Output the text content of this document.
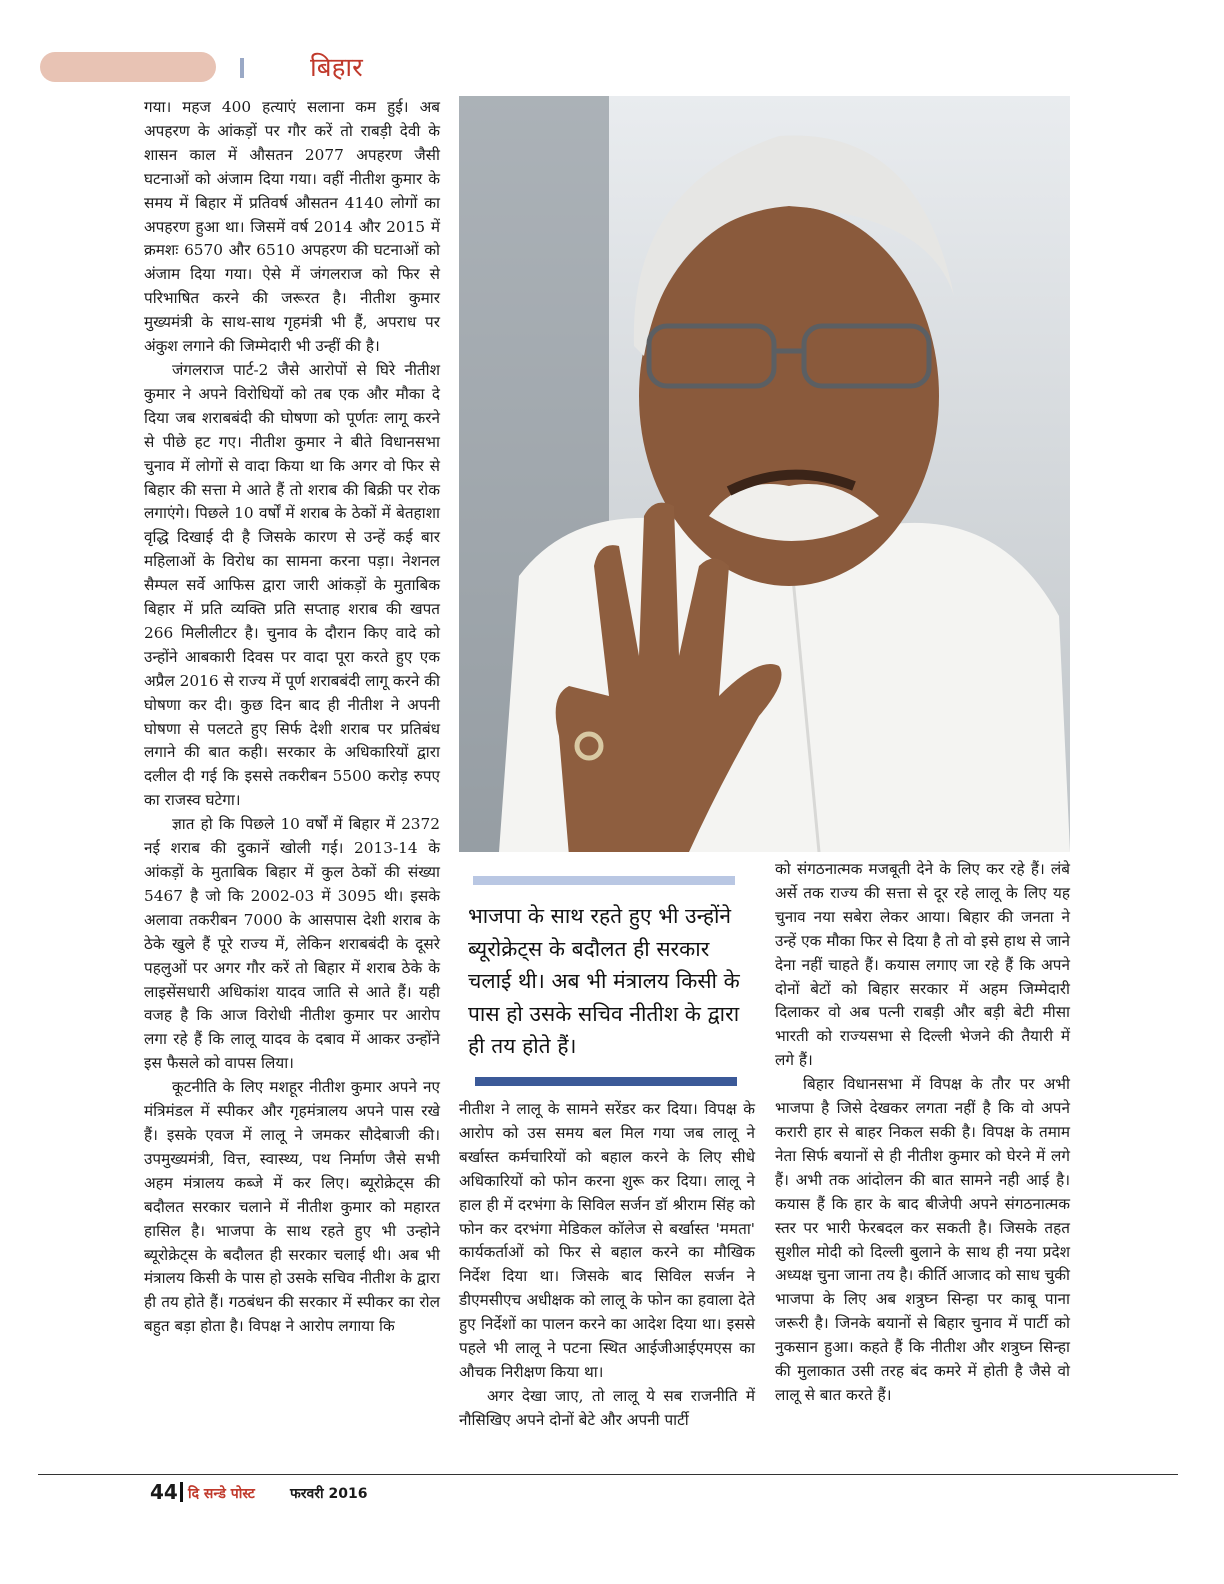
बिहार

गया। महज 400 हत्याएं सलाना कम हुई। अब अपहरण के आंकड़ों पर गौर करें तो राबड़ी देवी के शासन काल में औसतन 2077 अपहरण जैसी घटनाओं को अंजाम दिया गया। वहीं नीतीश कुमार के समय में बिहार में प्रतिवर्ष औसतन 4140 लोगों का अपहरण हुआ था। जिसमें वर्ष 2014 और 2015 में क्रमशः 6570 और 6510 अपहरण की घटनाओं को अंजाम दिया गया। ऐसे में जंगलराज को फिर से परिभाषित करने की जरूरत है। नीतीश कुमार मुख्यमंत्री के साथ-साथ गृहमंत्री भी हैं, अपराध पर अंकुश लगाने की जिम्मेदारी भी उन्हीं की है।

जंगलराज पार्ट-2 जैसे आरोपों से घिरे नीतीश कुमार ने अपने विरोधियों को तब एक और मौका दे दिया जब शराबबंदी की घोषणा को पूर्णतः लागू करने से पीछे हट गए। नीतीश कुमार ने बीते विधानसभा चुनाव में लोगों से वादा किया था कि अगर वो फिर से बिहार की सत्ता मे आते हैं तो शराब की बिक्री पर रोक लगाएंगे। पिछले 10 वर्षों में शराब के ठेकों में बेतहाशा वृद्धि दिखाई दी है जिसके कारण से उन्हें कई बार महिलाओं के विरोध का सामना करना पड़ा। नेशनल सैम्पल सर्वे आफिस द्वारा जारी आंकड़ों के मुताबिक बिहार में प्रति व्यक्ति प्रति सप्ताह शराब की खपत 266 मिलीलीटर है। चुनाव के दौरान किए वादे को उन्होंने आबकारी दिवस पर वादा पूरा करते हुए एक अप्रैल 2016 से राज्य में पूर्ण शराबबंदी लागू करने की घोषणा कर दी। कुछ दिन बाद ही नीतीश ने अपनी घोषणा से पलटते हुए सिर्फ देशी शराब पर प्रतिबंध लगाने की बात कही। सरकार के अधिकारियों द्वारा दलील दी गई कि इससे तकरीबन 5500 करोड़ रुपए का राजस्व घटेगा।

ज्ञात हो कि पिछले 10 वर्षों में बिहार में 2372 नई शराब की दुकानें खोली गई। 2013-14 के आंकड़ों के मुताबिक बिहार में कुल ठेकों की संख्या 5467 है जो कि 2002-03 में 3095 थी। इसके अलावा तकरीबन 7000 के आसपास देशी शराब के ठेके खुले हैं पूरे राज्य में, लेकिन शराबबंदी के दूसरे पहलुओं पर अगर गौर करें तो बिहार में शराब ठेके के लाइसेंसधारी अधिकांश यादव जाति से आते हैं। यही वजह है कि आज विरोधी नीतीश कुमार पर आरोप लगा रहे हैं कि लालू यादव के दबाव में आकर उन्होंने इस फैसले को वापस लिया।

कूटनीति के लिए मशहूर नीतीश कुमार अपने नए मंत्रिमंडल में स्पीकर और गृहमंत्रालय अपने पास रखे हैं। इसके एवज में लालू ने जमकर सौदेबाजी की। उपमुख्यमंत्री, वित्त, स्वास्थ्य, पथ निर्माण जैसे सभी अहम मंत्रालय कब्जे में कर लिए। ब्यूरोक्रेट्स की बदौलत सरकार चलाने में नीतीश कुमार को महारत हासिल है। भाजपा के साथ रहते हुए भी उन्होने ब्यूरोक्रेट्स के बदौलत ही सरकार चलाई थी। अब भी मंत्रालय किसी के पास हो उसके सचिव नीतीश के द्वारा ही तय होते हैं। गठबंधन की सरकार में स्पीकर का रोल बहुत बड़ा होता है। विपक्ष ने आरोप लगाया कि

भाजपा के साथ रहते हुए भी उन्होंने ब्यूरोक्रेट्स के बदौलत ही सरकार चलाई थी। अब भी मंत्रालय किसी के पास हो उसके सचिव नीतीश के द्वारा ही तय होते हैं।

नीतीश ने लालू के सामने सरेंडर कर दिया। विपक्ष के आरोप को उस समय बल मिल गया जब लालू ने बर्खास्त कर्मचारियों को बहाल करने के लिए सीधे अधिकारियों को फोन करना शुरू कर दिया। लालू ने हाल ही में दरभंगा के सिविल सर्जन डॉ श्रीराम सिंह को फोन कर दरभंगा मेडिकल कॉलेज से बर्खास्त 'ममता' कार्यकर्ताओं को फिर से बहाल करने का मौखिक निर्देश दिया था। जिसके बाद सिविल सर्जन ने डीएमसीएच अधीक्षक को लालू के फोन का हवाला देते हुए निर्देशों का पालन करने का आदेश दिया था। इससे पहले भी लालू ने पटना स्थित आईजीआईएमएस का औचक निरीक्षण किया था।

अगर देखा जाए, तो लालू ये सब राजनीति में नौसिखिए अपने दोनों बेटे और अपनी पार्टी

को संगठनात्मक मजबूती देने के लिए कर रहे हैं। लंबे अर्से तक राज्य की सत्ता से दूर रहे लालू के लिए यह चुनाव नया सबेरा लेकर आया। बिहार की जनता ने उन्हें एक मौका फिर से दिया है तो वो इसे हाथ से जाने देना नहीं चाहते हैं। कयास लगाए जा रहे हैं कि अपने दोनों बेटों को बिहार सरकार में अहम जिम्मेदारी दिलाकर वो अब पत्नी राबड़ी और बड़ी बेटी मीसा भारती को राज्यसभा से दिल्ली भेजने की तैयारी में लगे हैं।

बिहार विधानसभा में विपक्ष के तौर पर अभी भाजपा है जिसे देखकर लगता नहीं है कि वो अपने करारी हार से बाहर निकल सकी है। विपक्ष के तमाम नेता सिर्फ बयानों से ही नीतीश कुमार को घेरने में लगे हैं। अभी तक आंदोलन की बात सामने नही आई है। कयास हैं कि हार के बाद बीजेपी अपने संगठनात्मक स्तर पर भारी फेरबदल कर सकती है। जिसके तहत सुशील मोदी को दिल्ली बुलाने के साथ ही नया प्रदेश अध्यक्ष चुना जाना तय है। कीर्ति आजाद को साध चुकी भाजपा के लिए अब शत्रुघ्न सिन्हा पर काबू पाना जरूरी है। जिनके बयानों से बिहार चुनाव में पार्टी को नुकसान हुआ। कहते हैं कि नीतीश और शत्रुघ्न सिन्हा की मुलाकात उसी तरह बंद कमरे में होती है जैसे वो लालू से बात करते हैं।

44 दि सन्डे पोस्ट	फरवरी 2016
